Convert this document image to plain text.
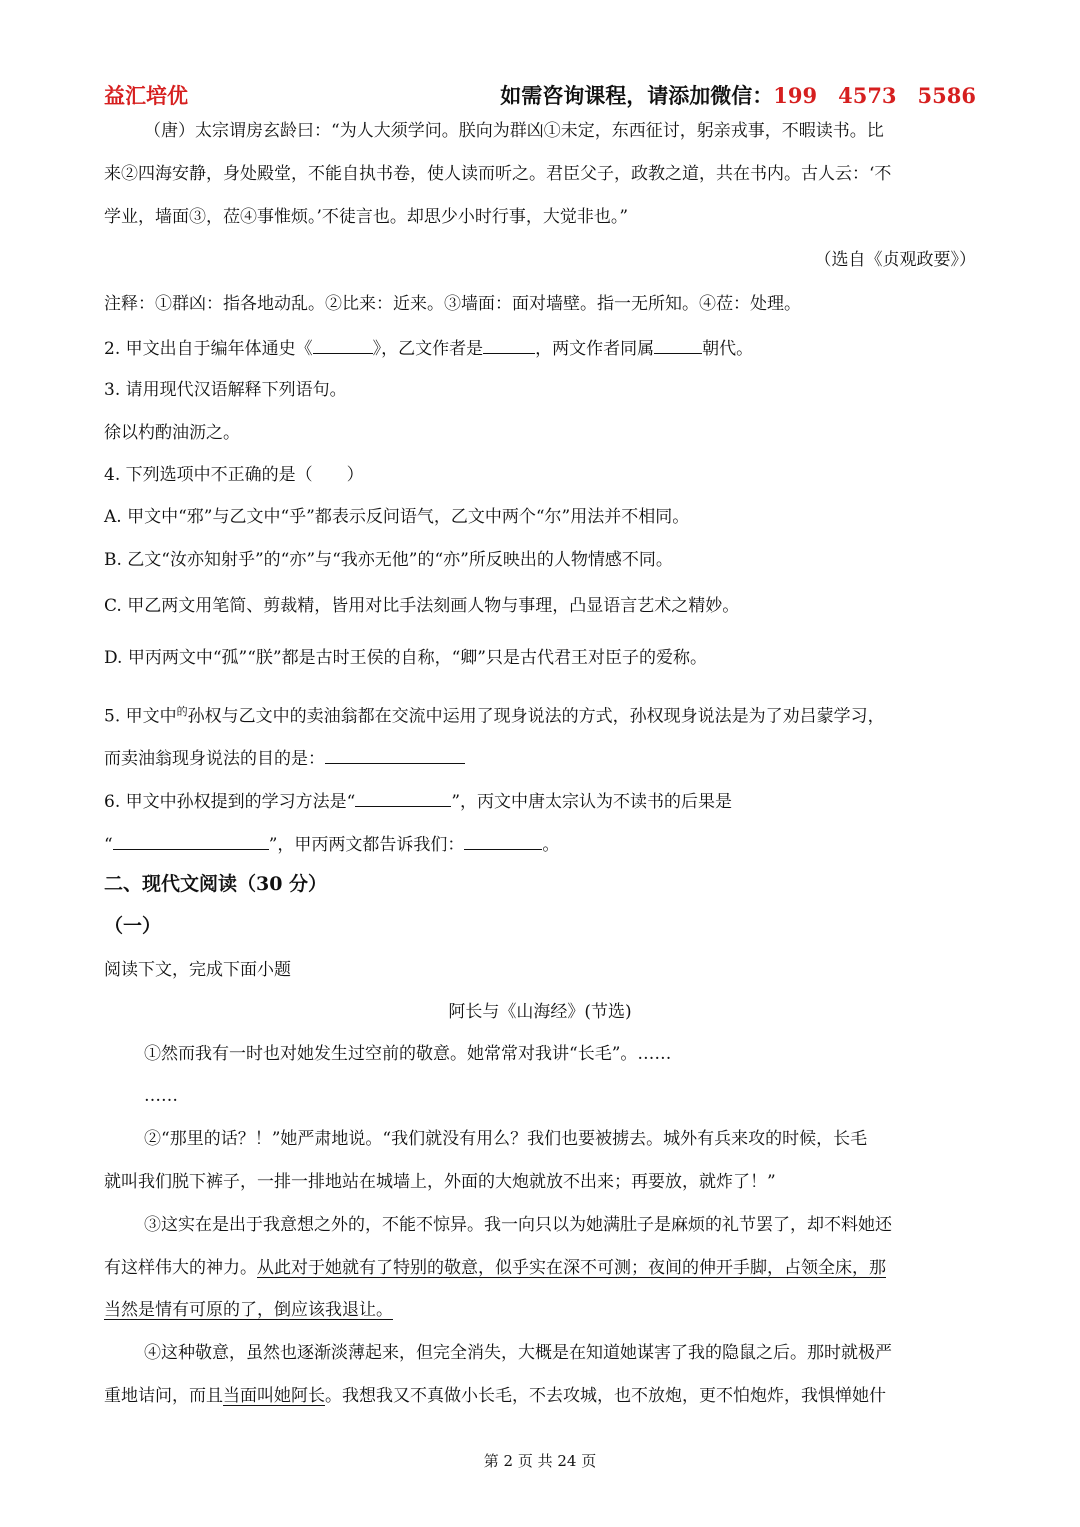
益汇培优	如需咨询课程，请添加微信：199　4573　5586
（唐）太宗谓房玄龄曰：“为人大须学问。朕向为群凶①未定，东西征讨，躬亲戎事，不暇读书。比
来②四海安静，身处殿堂，不能自执书卷，使人读而听之。君臣父子，政教之道，共在书内。古人云：‘不
学业，墙面③，莅④事惟烦。’不徒言也。却思少小时行事，大觉非也。”
（选自《贞观政要》）
注释：①群凶：指各地动乱。②比来：近来。③墙面：面对墙壁。指一无所知。④莅：处理。
2. 甲文出自于编年体通史《	》，乙文作者是	，两文作者同属	朝代。
3. 请用现代汉语解释下列语句。
徐以杓酌油沥之。
4. 下列选项中不正确的是（　　）
A. 甲文中“邪”与乙文中“乎”都表示反问语气，乙文中两个“尔”用法并不相同。
B. 乙文“汝亦知射乎”的“亦”与“我亦无他”的“亦”所反映出的人物情感不同。
C. 甲乙两文用笔简、剪裁精，皆用对比手法刻画人物与事理，凸显语言艺术之精妙。
D. 甲丙两文中“孤”“朕”都是古时王侯的自称，“卿”只是古代君王对臣子的爱称。
5. 甲文中$^的$孙权与乙文中的卖油翁都在交流中运用了现身说法的方式，孙权现身说法是为了劝吕蒙学习，
而卖油翁现身说法的目的是：
6. 甲文中孙权提到的学习方法是“	”，丙文中唐太宗认为不读书的后果是
“	”，甲丙两文都告诉我们：	。
二、现代文阅读（30 分）
（一）
阅读下文，完成下面小题
阿长与《山海经》(节选)
①然而我有一时也对她发生过空前的敬意。她常常对我讲“长毛”。……
……
②“那里的话？！”她严肃地说。“我们就没有用么？我们也要被掳去。城外有兵来攻的时候，长毛
就叫我们脱下裤子，一排一排地站在城墙上，外面的大炮就放不出来；再要放，就炸了！”
③这实在是出于我意想之外的，不能不惊异。我一向只以为她满肚子是麻烦的礼节罢了，却不料她还
有这样伟大的神力。从此对于她就有了特别的敬意，似乎实在深不可测；夜间的伸开手脚，占领全床，那
当然是情有可原的了，倒应该我退让。
④这种敬意，虽然也逐渐淡薄起来，但完全消失，大概是在知道她谋害了我的隐鼠之后。那时就极严
重地诘问，而且当面叫她阿长。我想我又不真做小长毛，不去攻城，也不放炮，更不怕炮炸，我惧惮她什
第 2 页 共 24 页
